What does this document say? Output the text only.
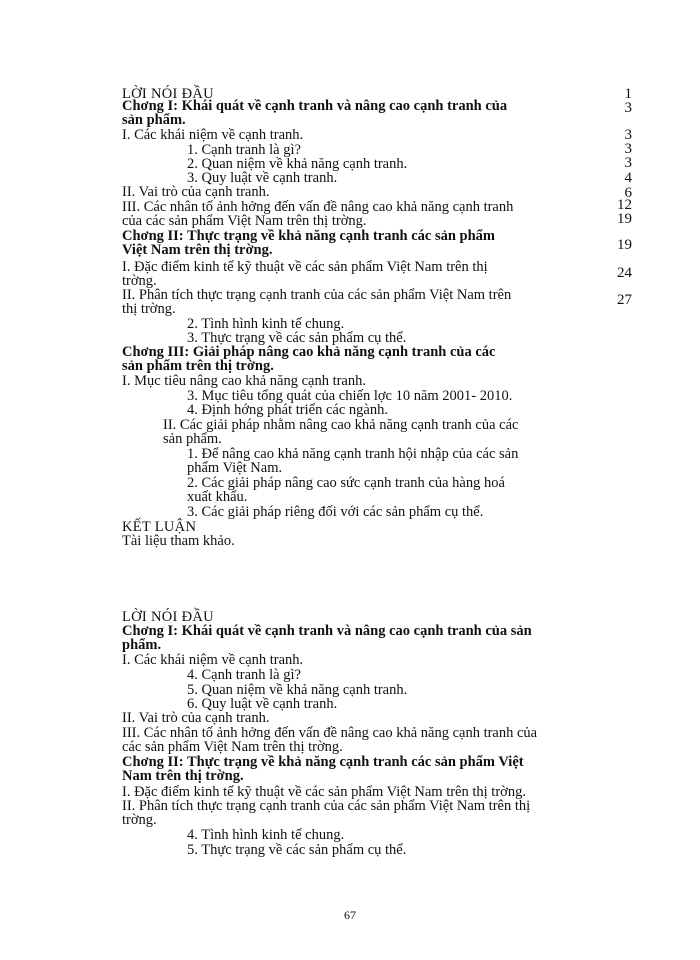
LỜI NÓI ĐẦU
Chơng I: Khái quát về cạnh tranh và nâng cao cạnh tranh của
sản phẩm.
I. Các khái niệm về cạnh tranh.
1. Cạnh tranh là gì?
2. Quan niệm về khả năng cạnh tranh.
3. Quy luật về cạnh tranh.
II. Vai trò của cạnh tranh.
III. Các nhân tố ảnh hởng đến vấn đề nâng cao khả năng cạnh tranh
của các sản phẩm Việt Nam trên thị trờng.
Chơng II: Thực trạng về khả năng cạnh tranh các sản phẩm
Việt Nam trên thị trờng.
I. Đặc điểm kinh tế kỹ thuật về các sản phẩm Việt Nam trên thị
trờng.
II. Phân tích thực trạng cạnh tranh của các sản phẩm Việt Nam trên
thị trờng.
2. Tình hình kinh tế chung.
3. Thực trạng về các sản phẩm cụ thể.
Chơng III: Giải pháp nâng cao khả năng cạnh tranh của các
sản phẩm trên thị trờng.
I. Mục tiêu nâng cao khả năng cạnh tranh.
3. Mục tiêu tổng quát của chiến lợc 10 năm 2001- 2010.
4. Định hớng phát triển các ngành.
II. Các giải pháp nhằm nâng cao khả năng cạnh tranh của các
sản phẩm.
1. Để nâng cao khả năng cạnh tranh hội nhập của các sản
phẩm Việt Nam.
2. Các giải pháp nâng cao sức cạnh tranh của hàng hoá
xuất khẩu.
3. Các giải pháp riêng đối với các sản phẩm cụ thể.
KẾT LUẬN
Tài liệu tham khảo.
1
3
3
3
3
4
6
12
19
19
24
27
LỜI NÓI ĐẦU
Chơng I: Khái quát về cạnh tranh và nâng cao cạnh tranh của sản
phẩm.
I. Các khái niệm về cạnh tranh.
4. Cạnh tranh là gì?
5. Quan niệm về khả năng cạnh tranh.
6. Quy luật về cạnh tranh.
II. Vai trò của cạnh tranh.
III. Các nhân tố ảnh hởng đến vấn đề nâng cao khả năng cạnh tranh của
các sản phẩm Việt Nam trên thị trờng.
Chơng II: Thực trạng về khả năng cạnh tranh các sản phẩm Việt
Nam trên thị trờng.
I. Đặc điểm kinh tế kỹ thuật về các sản phẩm Việt Nam trên thị trờng.
II. Phân tích thực trạng cạnh tranh của các sản phẩm Việt Nam trên thị
trờng.
4. Tình hình kinh tế chung.
5. Thực trạng về các sản phẩm cụ thể.
67
